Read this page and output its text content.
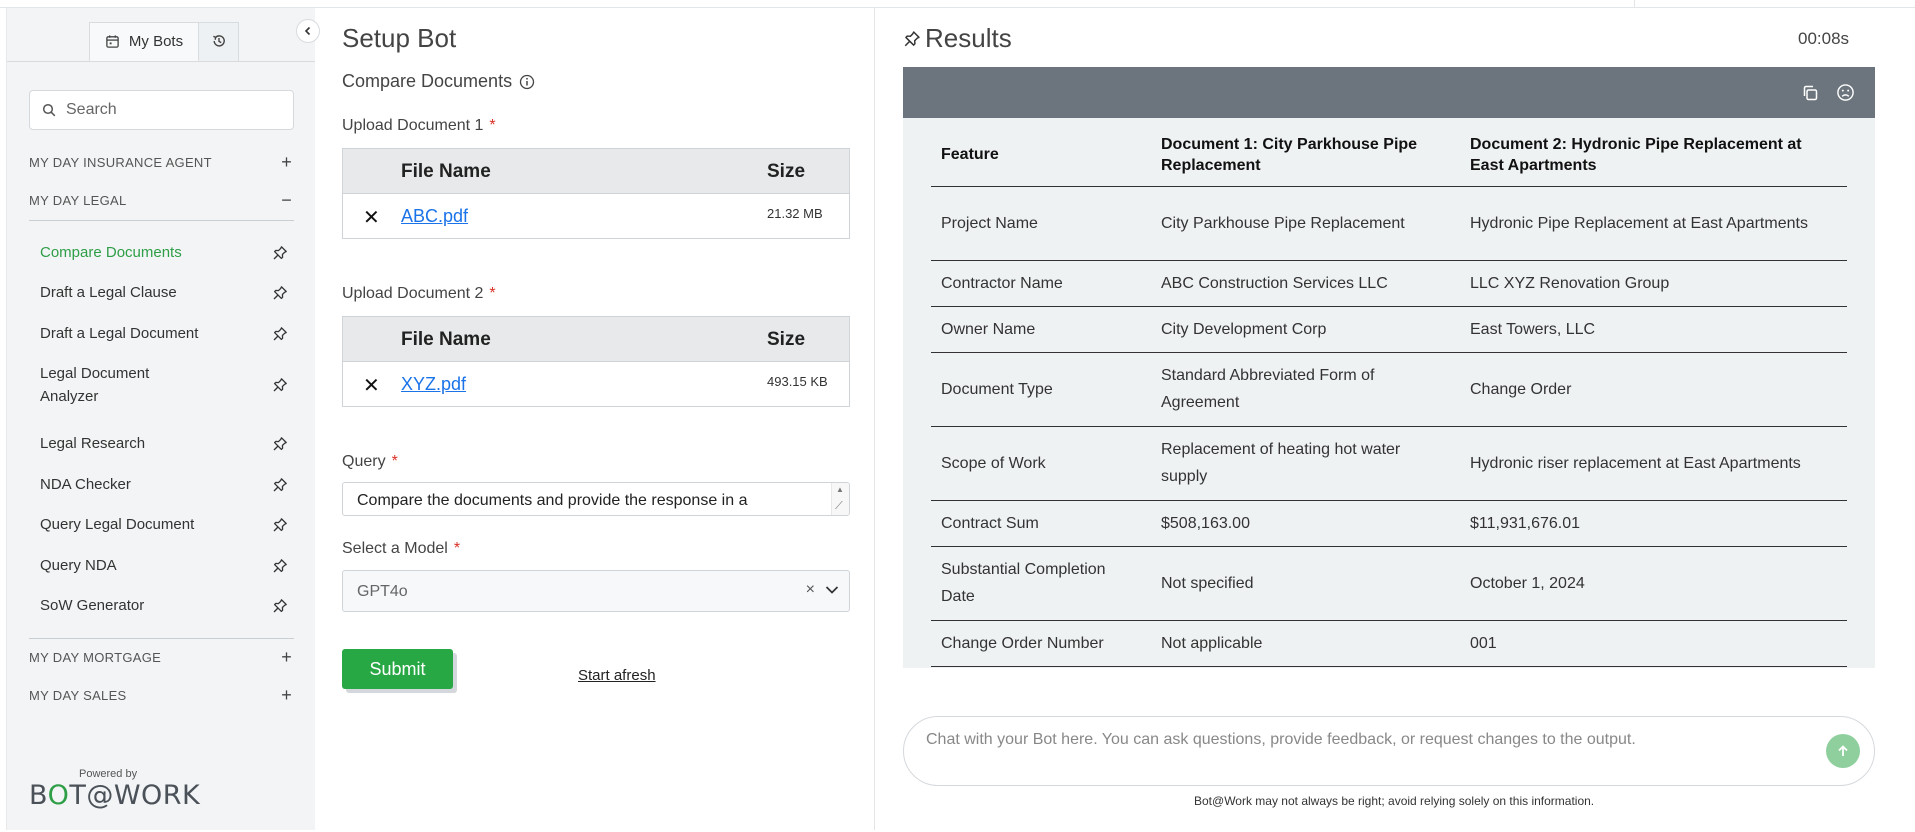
My Bots
Search
MY DAY INSURANCE AGENT	+
MY DAY LEGAL	−
Compare Documents
Draft a Legal Clause
Draft a Legal Document
Legal Document Analyzer
Legal Research
NDA Checker
Query Legal Document
Query NDA
SoW Generator
MY DAY MORTGAGE	+
MY DAY SALES	+
Powered by
BOT@WORK
Setup Bot
Compare Documents
Upload Document 1 *
File Name	Size
✕ ABC.pdf	21.32 MB
Upload Document 2 *
File Name	Size
✕ XYZ.pdf	493.15 KB
Query *
Compare the documents and provide the response in a
▲
⟋
Select a Model *
GPT4o	×
Submit	Start afresh
Results	00:08s
Feature	Document 1: City Parkhouse Pipe Replacement	Document 2: Hydronic Pipe Replacement at East Apartments
Project Name	City Parkhouse Pipe Replacement	Hydronic Pipe Replacement at East Apartments
Contractor Name	ABC Construction Services LLC	LLC XYZ Renovation Group
Owner Name	City Development Corp	East Towers, LLC
Document Type	Standard Abbreviated Form of Agreement	Change Order
Scope of Work	Replacement of heating hot water supply	Hydronic riser replacement at East Apartments
Contract Sum	$508,163.00	$11,931,676.01
Substantial Completion Date	Not specified	October 1, 2024
Change Order Number	Not applicable	001
Chat with your Bot here. You can ask questions, provide feedback, or request changes to the output.
Bot@Work may not always be right; avoid relying solely on this information.
